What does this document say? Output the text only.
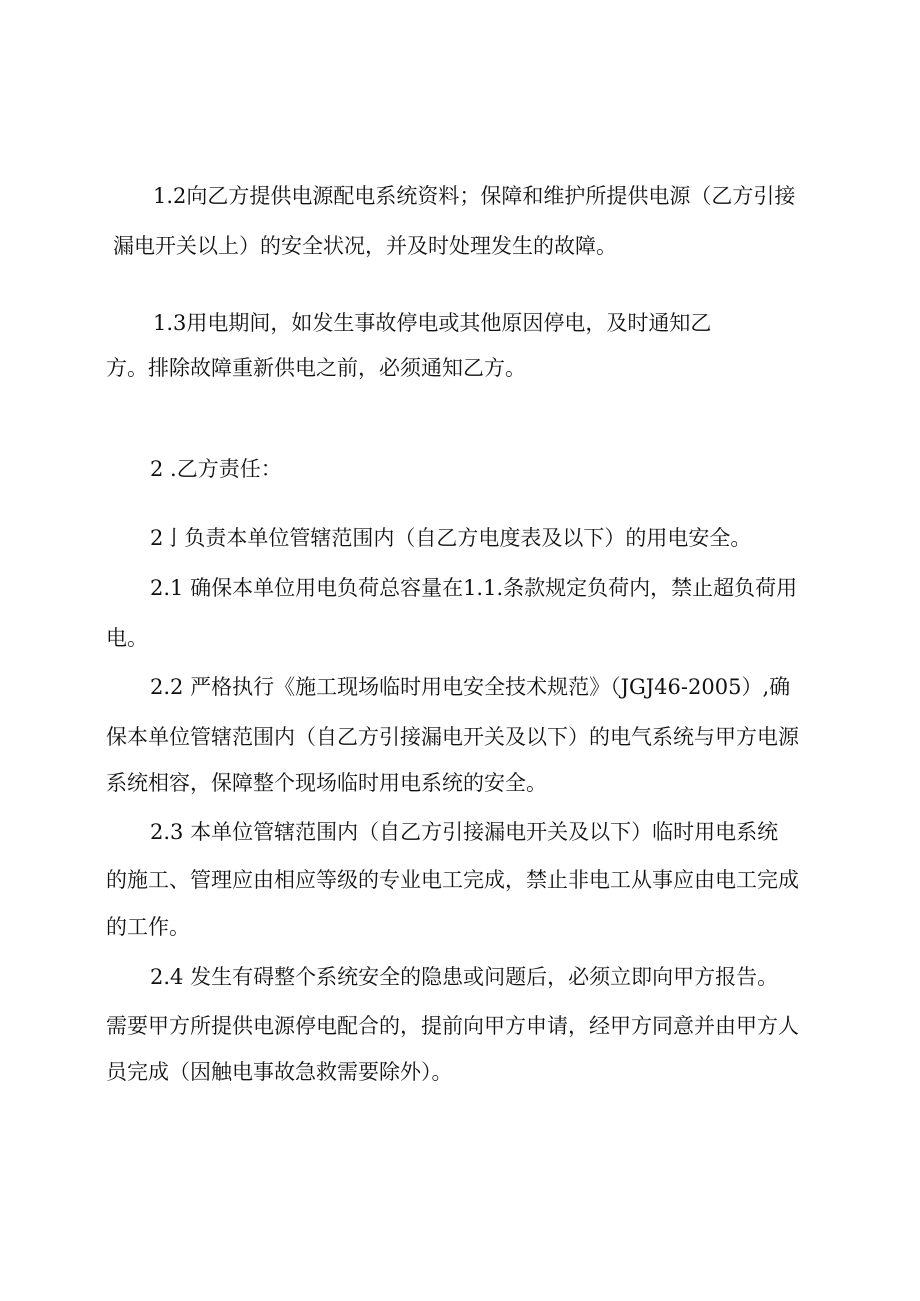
1.2向乙方提供电源配电系统资料；保障和维护所提供电源（乙方引接

漏电开关以上）的安全状况，并及时处理发生的故障。

1.3用电期间，如发生事故停电或其他原因停电，及时通知乙

方。排除故障重新供电之前，必须通知乙方。

2 .乙方责任：

2亅负责本单位管辖范围内（自乙方电度表及以下）的用电安全。

2.1 确保本单位用电负荷总容量在1.1.条款规定负荷内，禁止超负荷用

电。

2.2 严格执行《施工现场临时用电安全技术规范》（JGJ46-2005）,确

保本单位管辖范围内（自乙方引接漏电开关及以下）的电气系统与甲方电源

系统相容，保障整个现场临时用电系统的安全。

2.3 本单位管辖范围内（自乙方引接漏电开关及以下）临时用电系统

的施工、管理应由相应等级的专业电工完成，禁止非电工从事应由电工完成

的工作。

2.4 发生有碍整个系统安全的隐患或问题后，必须立即向甲方报告。

需要甲方所提供电源停电配合的，提前向甲方申请，经甲方同意并由甲方人

员完成（因触电事故急救需要除外）。
